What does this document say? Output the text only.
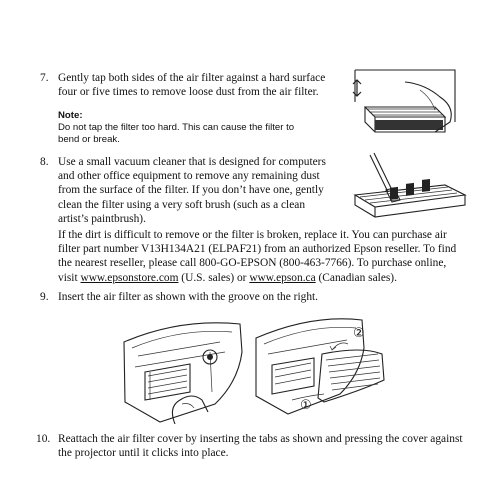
7. Gently tap both sides of the air filter against a hard surface four or five times to remove loose dust from the air filter.
Note:
Do not tap the filter too hard. This can cause the filter to bend or break.
8. Use a small vacuum cleaner that is designed for computers and other office equipment to remove any remaining dust from the surface of the filter. If you don’t have one, gently clean the filter using a very soft brush (such as a clean artist’s paintbrush).
If the dirt is difficult to remove or the filter is broken, replace it. You can purchase air filter part number V13H134A21 (ELPAF21) from an authorized Epson reseller. To find the nearest reseller, please call 800-GO-EPSON (800-463-7766). To purchase online, visit www.epsonstore.com (U.S. sales) or www.epson.ca (Canadian sales).
9. Insert the air filter as shown with the groove on the right.
②
①
10. Reattach the air filter cover by inserting the tabs as shown and pressing the cover against the projector until it clicks into place.
